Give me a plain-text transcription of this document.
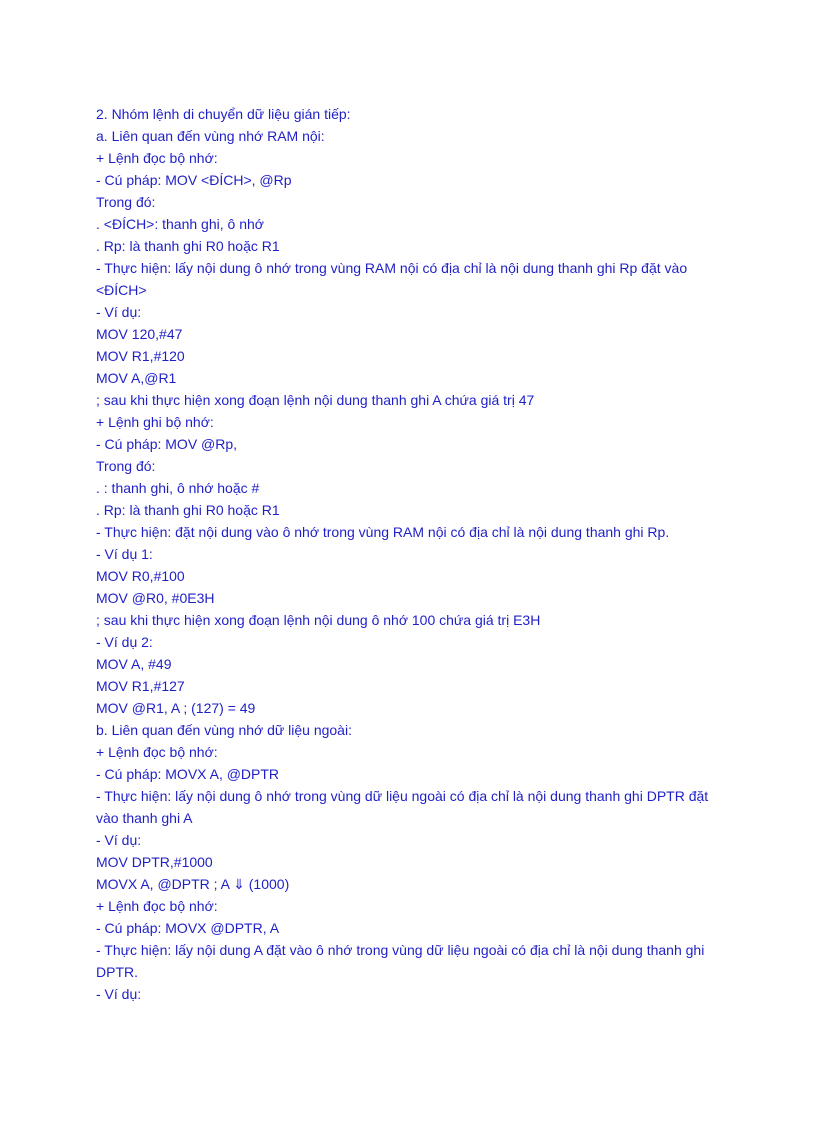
2. Nhóm lệnh di chuyển dữ liệu gián tiếp:

a. Liên quan đến vùng nhớ RAM nội:

+ Lệnh đọc bộ nhớ:

- Cú pháp: MOV <ĐÍCH>, @Rp

Trong đó:

. <ĐÍCH>: thanh ghi, ô nhớ

. Rp: là thanh ghi R0 hoặc R1

- Thực hiện: lấy nội dung ô nhớ trong vùng RAM nội có địa chỉ là nội dung thanh ghi Rp đặt vào

<ĐÍCH>

- Ví dụ:

MOV 120,#47

MOV R1,#120

MOV A,@R1

; sau khi thực hiện xong đoạn lệnh nội dung thanh ghi A chứa giá trị 47

+ Lệnh ghi bộ nhớ:

- Cú pháp: MOV @Rp,

Trong đó:

. : thanh ghi, ô nhớ hoặc #

. Rp: là thanh ghi R0 hoặc R1

- Thực hiện: đặt nội dung vào ô nhớ trong vùng RAM nội có địa chỉ là nội dung thanh ghi Rp.

- Ví dụ 1:

MOV R0,#100

MOV @R0, #0E3H

; sau khi thực hiện xong đoạn lệnh nội dung ô nhớ 100 chứa giá trị E3H

- Ví dụ 2:

MOV A, #49

MOV R1,#127

MOV @R1, A ; (127) = 49

b. Liên quan đến vùng nhớ dữ liệu ngoài:

+ Lệnh đọc bộ nhớ:

- Cú pháp: MOVX A, @DPTR

- Thực hiện: lấy nội dung ô nhớ trong vùng dữ liệu ngoài có địa chỉ là nội dung thanh ghi DPTR đặt

vào thanh ghi A

- Ví dụ:

MOV DPTR,#1000

MOVX A, @DPTR ; A ⇓ (1000)

+ Lệnh đọc bộ nhớ:

- Cú pháp: MOVX @DPTR, A

- Thực hiện: lấy nội dung A đặt vào ô nhớ trong vùng dữ liệu ngoài có địa chỉ là nội dung thanh ghi

DPTR.

- Ví dụ:
